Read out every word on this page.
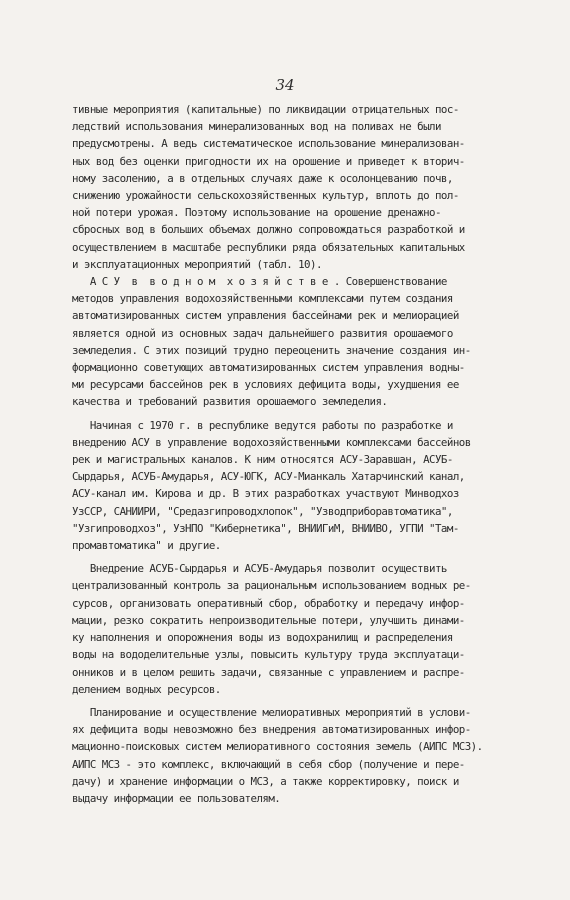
34
тивные мероприятия (капитальные) по ликвидации отрицательных пос-
ледствий использования минерализованных вод на поливах не были
предусмотрены. А ведь систематическое использование минерализован-
ных вод без оценки пригодности их на орошение и приведет к вторич-
ному засолению, а в отдельных случаях даже к осолонцеванию почв,
снижению урожайности сельскохозяйственных культур, вплоть до пол-
ной потери урожая. Поэтому использование на орошение дренажно-
сбросных вод в больших объемах должно сопровождаться разработкой и
осуществлением в масштабе республики ряда обязательных капитальных
и эксплуатационных мероприятий (табл. 10).
А С У  в  в о д н о м  х о з я й с т в е . Совершенствование
методов управления водохозяйственными комплексами путем создания
автоматизированных систем управления бассейнами рек и мелиорацией
является одной из основных задач дальнейшего развития орошаемого
земледелия. С этих позиций трудно переоценить значение создания ин-
формационно советующих автоматизированных систем управления водны-
ми ресурсами бассейнов рек в условиях дефицита воды, ухудшения ее
качества и требований развития орошаемого земледелия.
Начиная с 1970 г. в республике ведутся работы по разработке и
внедрению АСУ в управление водохозяйственными комплексами бассейнов
рек и магистральных каналов. К ним относятся АСУ-Заравшан, АСУБ-
Сырдарья, АСУБ-Амударья, АСУ-ЮГК, АСУ-Мианкаль Хатарчинский канал,
АСУ-канал им. Кирова и др. В этих разработках участвуют Минводхоз
УзССР, САНИИРИ, "Средазгипроводхлопок", "Узводприборавтоматика",
"Узгипроводхоз", УзНПО "Кибернетика", ВНИИГиМ, ВНИИВО, УГПИ "Там-
промавтоматика" и другие.
Внедрение АСУБ-Сырдарья и АСУБ-Амударья позволит осуществить
централизованный контроль за рациональным использованием водных ре-
сурсов, организовать оперативный сбор, обработку и передачу инфор-
мации, резко сократить непроизводительные потери, улучшить динами-
ку наполнения и опорожнения воды из водохранилищ и распределения
воды на вододелительные узлы, повысить культуру труда эксплуатаци-
онников и в целом решить задачи, связанные с управлением и распре-
делением водных ресурсов.
Планирование и осуществление мелиоративных мероприятий в услови-
ях дефицита воды невозможно без внедрения автоматизированных инфор-
мационно-поисковых систем мелиоративного состояния земель (АИПС МСЗ).
АИПС МСЗ - это комплекс, включающий в себя сбор (получение и пере-
дачу) и хранение информации о МСЗ, а также корректировку, поиск и
выдачу информации ее пользователям.
